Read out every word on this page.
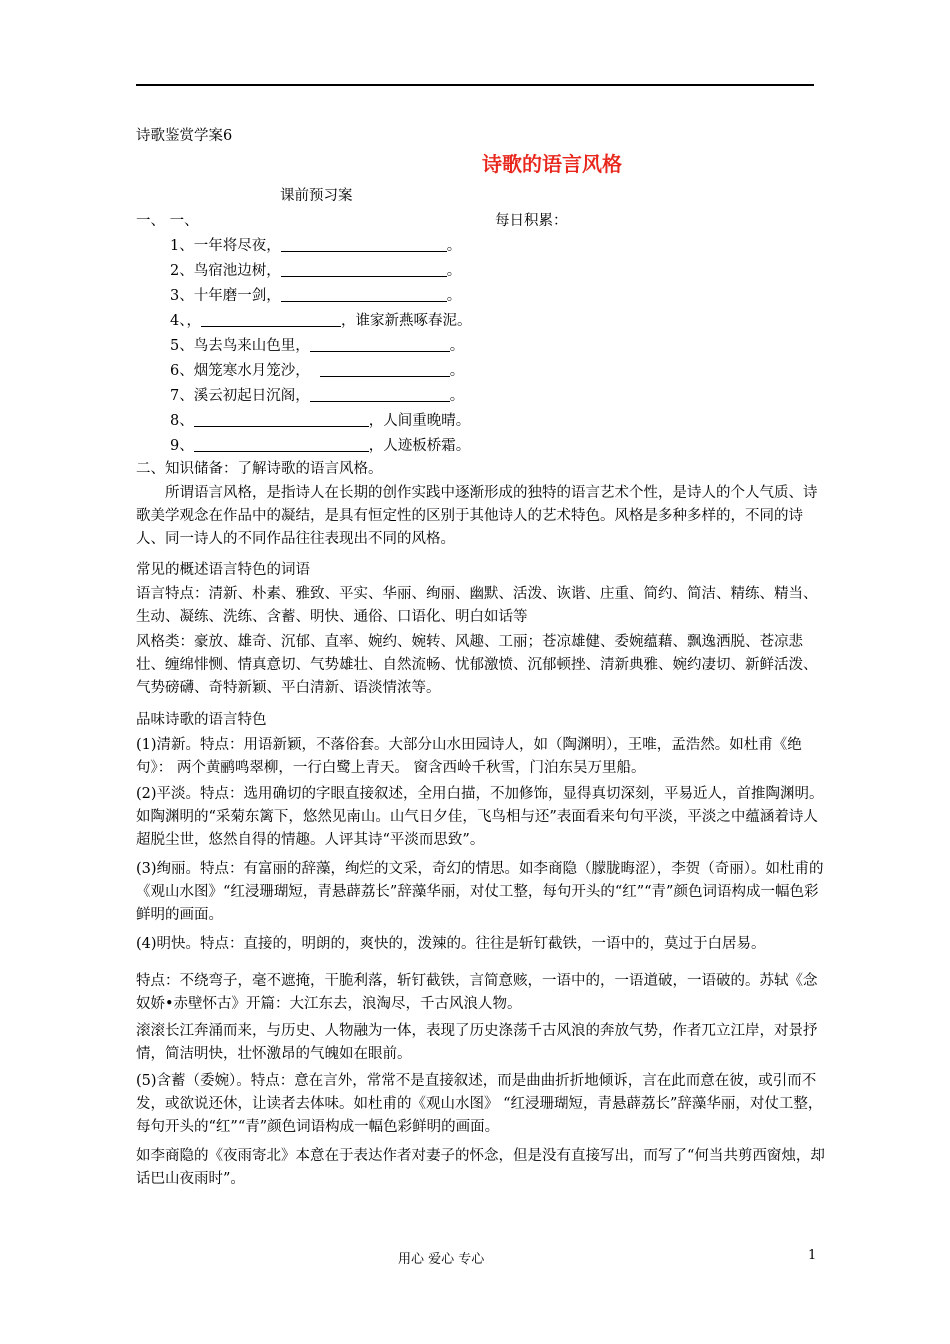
诗歌鉴赏学案6
诗歌的语言风格
课前预习案
一、 一、	每日积累：
1、一年将尽夜，	。
2、鸟宿池边树，	。
3、十年磨一剑，	。
4、，	，谁家新燕啄春泥。
5、鸟去鸟来山色里，	。
6、烟笼寒水月笼沙，	。
7、溪云初起日沉阁，	。
8、	，人间重晚晴。
9、	，人迹板桥霜。
二、知识储备：了解诗歌的语言风格。
所谓语言风格，是指诗人在长期的创作实践中逐渐形成的独特的语言艺术个性，是诗人的个人气质、诗歌美学观念在作品中的凝结，是具有恒定性的区别于其他诗人的艺术特色。风格是多种多样的，不同的诗人、同一诗人的不同作品往往表现出不同的风格。
常见的概述语言特色的词语
语言特点：清新、朴素、雅致、平实、华丽、绚丽、幽默、活泼、诙谐、庄重、简约、简洁、精练、精当、生动、凝练、洗练、含蓄、明快、通俗、口语化、明白如话等
风格类：豪放、雄奇、沉郁、直率、婉约、婉转、风趣、工丽；苍凉雄健、委婉蕴藉、飘逸洒脱、苍凉悲壮、缠绵悱恻、情真意切、气势雄壮、自然流畅、忧郁激愤、沉郁顿挫、清新典雅、婉约凄切、新鲜活泼、气势磅礴、奇特新颖、平白清新、语淡情浓等。
品味诗歌的语言特色
(1)清新。特点：用语新颖，不落俗套。大部分山水田园诗人，如（陶渊明），王唯，孟浩然。如杜甫《绝句》： 两个黄鹂鸣翠柳，一行白鹭上青天。 窗含西岭千秋雪，门泊东吴万里船。
(2)平淡。特点：选用确切的字眼直接叙述，全用白描，不加修饰，显得真切深刻，平易近人，首推陶渊明。如陶渊明的“采菊东篱下，悠然见南山。山气日夕佳，飞鸟相与还”表面看来句句平淡，平淡之中蕴涵着诗人超脱尘世，悠然自得的情趣。人评其诗“平淡而思致”。
(3)绚丽。特点：有富丽的辞藻，绚烂的文采，奇幻的情思。如李商隐（朦胧晦涩），李贺（奇丽）。如杜甫的《观山水图》“红浸珊瑚短，青悬薜荔长”辞藻华丽，对仗工整，每句开头的“红”“青”颜色词语构成一幅色彩鲜明的画面。
(4)明快。特点：直接的，明朗的，爽快的，泼辣的。往往是斩钉截铁，一语中的，莫过于白居易。
特点：不绕弯子，毫不遮掩，干脆利落，斩钉截铁，言简意赅，一语中的，一语道破，一语破的。苏轼《念奴娇•赤壁怀古》开篇：大江东去，浪淘尽，千古风浪人物。
滚滚长江奔涌而来，与历史、人物融为一体，表现了历史涤荡千古风浪的奔放气势，作者兀立江岸，对景抒情，简洁明快，壮怀激昂的气魄如在眼前。
(5)含蓄（委婉）。特点：意在言外，常常不是直接叙述，而是曲曲折折地倾诉，言在此而意在彼，或引而不发，或欲说还休，让读者去体味。如杜甫的《观山水图》 “红浸珊瑚短，青悬薜荔长”辞藻华丽，对仗工整，每句开头的“红”“青”颜色词语构成一幅色彩鲜明的画面。
如李商隐的《夜雨寄北》本意在于表达作者对妻子的怀念，但是没有直接写出，而写了“何当共剪西窗烛，却话巴山夜雨时”。
用心 爱心 专心	1
